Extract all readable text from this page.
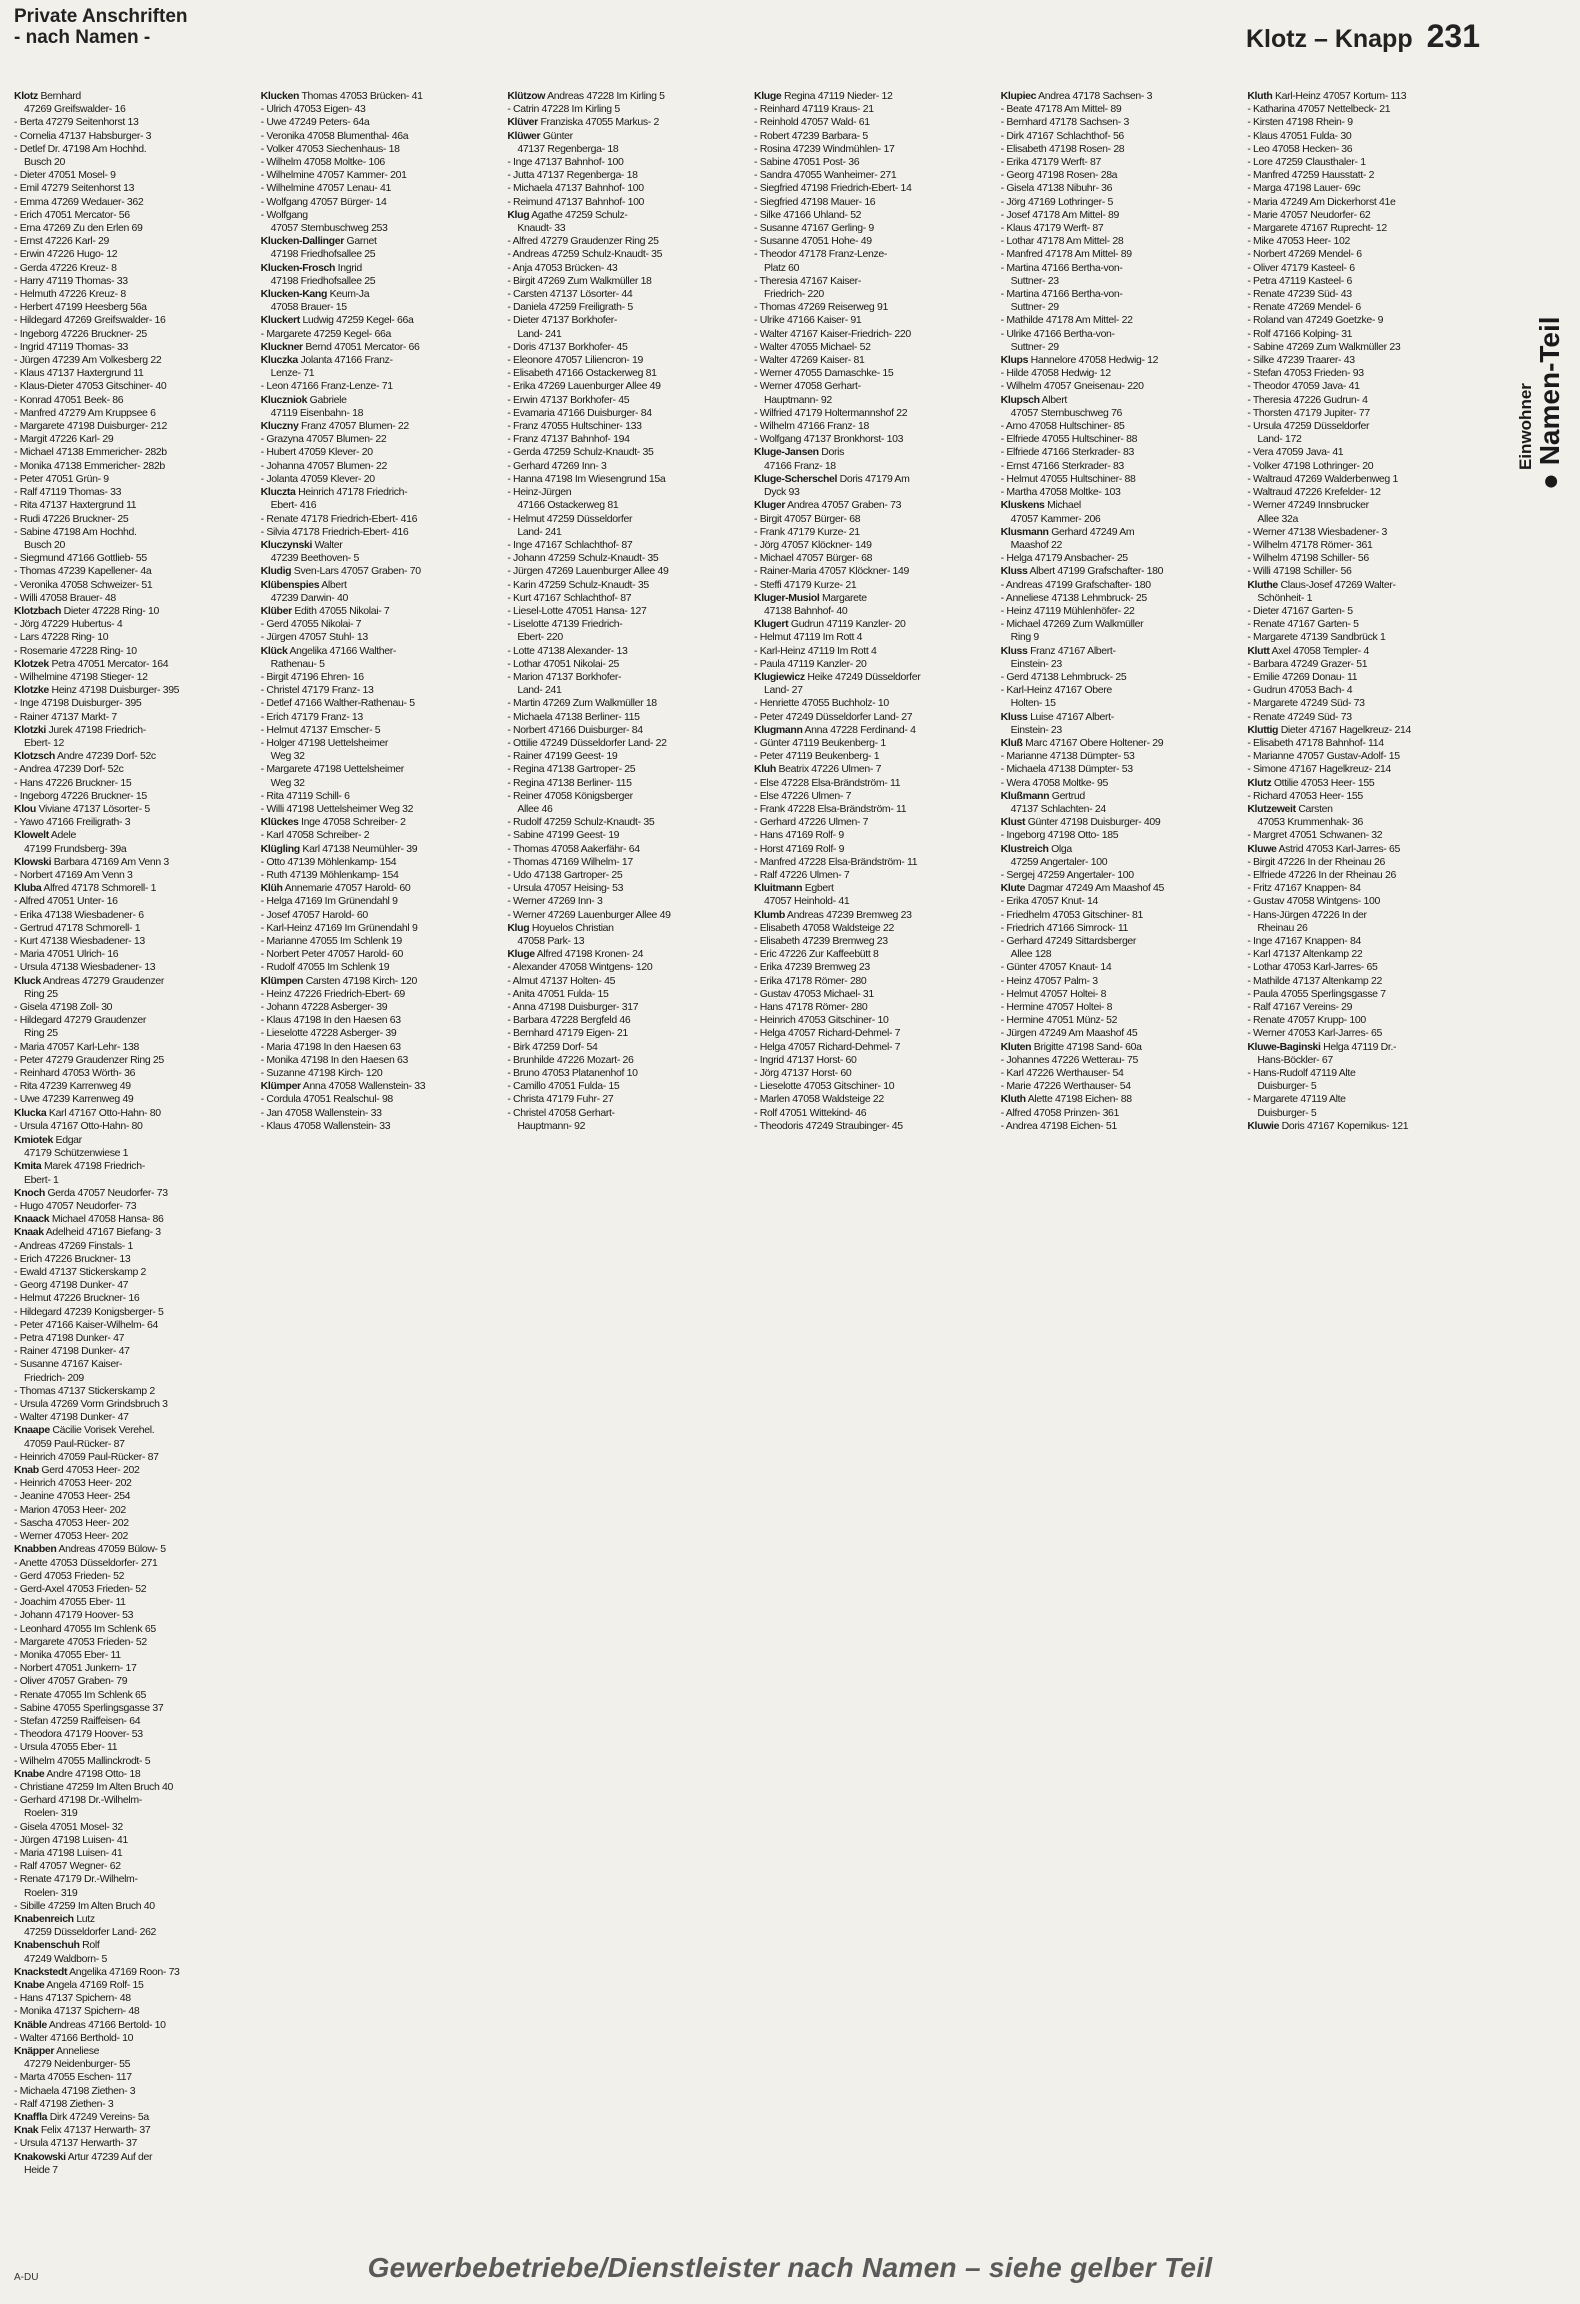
Private Anschriften
- nach Namen -	Klotz – Knapp 231
Einwohner
● Namen-Teil
Klotz Bernhard
47269 Greifswalder- 16
- Berta 47279 Seitenhorst 13
- Cornelia 47137 Habsburger- 3
- Detlef Dr. 47198 Am Hochhd.
Busch 20
- Dieter 47051 Mosel- 9
- Emil 47279 Seitenhorst 13
- Emma 47269 Wedauer- 362
- Erich 47051 Mercator- 56
- Erna 47269 Zu den Erlen 69
- Ernst 47226 Karl- 29
- Erwin 47226 Hugo- 12
- Gerda 47226 Kreuz- 8
- Harry 47119 Thomas- 33
- Helmuth 47226 Kreuz- 8
- Herbert 47199 Heesberg 56a
- Hildegard 47269 Greifswalder- 16
- Ingeborg 47226 Bruckner- 25
- Ingrid 47119 Thomas- 33
- Jürgen 47239 Am Volkesberg 22
- Klaus 47137 Haxtergrund 11
- Klaus-Dieter 47053 Gitschiner- 40
- Konrad 47051 Beek- 86
- Manfred 47279 Am Kruppsee 6
- Margarete 47198 Duisburger- 212
- Margit 47226 Karl- 29
- Michael 47138 Emmericher- 282b
- Monika 47138 Emmericher- 282b
- Peter 47051 Grün- 9
- Ralf 47119 Thomas- 33
- Rita 47137 Haxtergrund 11
- Rudi 47226 Bruckner- 25
- Sabine 47198 Am Hochhd.
Busch 20
- Siegmund 47166 Gottlieb- 55
- Thomas 47239 Kapellener- 4a
- Veronika 47058 Schweizer- 51
- Willi 47058 Brauer- 48
Klotzbach Dieter 47228 Ring- 10
- Jörg 47229 Hubertus- 4
- Lars 47228 Ring- 10
- Rosemarie 47228 Ring- 10
Klotzek Petra 47051 Mercator- 164
- Wilhelmine 47198 Stieger- 12
Klotzke Heinz 47198 Duisburger- 395
- Inge 47198 Duisburger- 395
- Rainer 47137 Markt- 7
Klotzki Jurek 47198 Friedrich-
Ebert- 12
Klotzsch Andre 47239 Dorf- 52c
- Andrea 47239 Dorf- 52c
- Hans 47226 Bruckner- 15
- Ingeborg 47226 Bruckner- 15
Klou Viviane 47137 Lösorter- 5
- Yawo 47166 Freiligrath- 3
Klowelt Adele
47199 Frundsberg- 39a
Klowski Barbara 47169 Am Venn 3
- Norbert 47169 Am Venn 3
Kluba Alfred 47178 Schmorell- 1
- Alfred 47051 Unter- 16
- Erika 47138 Wiesbadener- 6
- Gertrud 47178 Schmorell- 1
- Kurt 47138 Wiesbadener- 13
- Maria 47051 Ulrich- 16
- Ursula 47138 Wiesbadener- 13
Kluck Andreas 47279 Graudenzer
Ring 25
- Gisela 47198 Zoll- 30
- Hildegard 47279 Graudenzer
Ring 25
- Maria 47057 Karl-Lehr- 138
- Peter 47279 Graudenzer Ring 25
- Reinhard 47053 Wörth- 36
- Rita 47239 Karrenweg 49
- Uwe 47239 Karrenweg 49
Klucka Karl 47167 Otto-Hahn- 80
- Ursula 47167 Otto-Hahn- 80
Klucken Thomas 47053 Brücken- 41
- Ulrich 47053 Eigen- 43
- Uwe 47249 Peters- 64a
- Veronika 47058 Blumenthal- 46a
- Volker 47053 Siechenhaus- 18
- Wilhelm 47058 Moltke- 106
- Wilhelmine 47057 Kammer- 201
- Wilhelmine 47057 Lenau- 41
- Wolfgang 47057 Bürger- 14
- Wolfgang
47057 Sternbuschweg 253
Klucken-Dallinger Garnet
47198 Friedhofsallee 25
Klucken-Frosch Ingrid
47198 Friedhofsallee 25
Klucken-Kang Keum-Ja
47058 Brauer- 15
Kluckert Ludwig 47259 Kegel- 66a
- Margarete 47259 Kegel- 66a
Kluckner Bernd 47051 Mercator- 66
Kluczka Jolanta 47166 Franz-
Lenze- 71
- Leon 47166 Franz-Lenze- 71
Kluczniok Gabriele
47119 Eisenbahn- 18
Kluczny Franz 47057 Blumen- 22
- Grazyna 47057 Blumen- 22
- Hubert 47059 Klever- 20
- Johanna 47057 Blumen- 22
- Jolanta 47059 Klever- 20
Kluczta Heinrich 47178 Friedrich-
Ebert- 416
- Renate 47178 Friedrich-Ebert- 416
- Silvia 47178 Friedrich-Ebert- 416
Kluczynski Walter
47239 Beethoven- 5
Kludig Sven-Lars 47057 Graben- 70
Klübenspies Albert
47239 Darwin- 40
Klüber Edith 47055 Nikolai- 7
- Gerd 47055 Nikolai- 7
- Jürgen 47057 Stuhl- 13
Klück Angelika 47166 Walther-
Rathenau- 5
- Birgit 47196 Ehren- 16
- Christel 47179 Franz- 13
- Detlef 47166 Walther-Rathenau- 5
- Erich 47179 Franz- 13
- Helmut 47137 Emscher- 5
- Holger 47198 Uettelsheimer
Weg 32
- Margarete 47198 Uettelsheimer
Weg 32
- Rita 47119 Schill- 6
- Willi 47198 Uettelsheimer Weg 32
Klückes Inge 47058 Schreiber- 2
- Karl 47058 Schreiber- 2
Klügling Karl 47138 Neumühler- 39
- Otto 47139 Möhlenkamp- 154
- Ruth 47139 Möhlenkamp- 154
Klüh Annemarie 47057 Harold- 60
- Helga 47169 Im Grünendahl 9
- Josef 47057 Harold- 60
- Karl-Heinz 47169 Im Grünendahl 9
- Marianne 47055 Im Schlenk 19
- Norbert Peter 47057 Harold- 60
- Rudolf 47055 Im Schlenk 19
Klümpen Carsten 47198 Kirch- 120
- Heinz 47226 Friedrich-Ebert- 69
- Johann 47228 Asberger- 39
- Klaus 47198 In den Haesen 63
- Lieselotte 47228 Asberger- 39
- Maria 47198 In den Haesen 63
- Monika 47198 In den Haesen 63
- Suzanne 47198 Kirch- 120
Klümper Anna 47058 Wallenstein- 33
- Cordula 47051 Realschul- 98
- Jan 47058 Wallenstein- 33
- Klaus 47058 Wallenstein- 33
Klützow Andreas 47228 Im Kirling 5
- Catrin 47228 Im Kirling 5
Klüver Franziska 47055 Markus- 2
Klüwer Günter
47137 Regenberga- 18
- Inge 47137 Bahnhof- 100
- Jutta 47137 Regenberga- 18
- Michaela 47137 Bahnhof- 100
- Reimund 47137 Bahnhof- 100
Klug Agathe 47259 Schulz-
Knaudt- 33
- Alfred 47279 Graudenzer Ring 25
- Andreas 47259 Schulz-Knaudt- 35
- Anja 47053 Brücken- 43
- Birgit 47269 Zum Walkmüller 18
- Carsten 47137 Lösorter- 44
- Daniela 47259 Freiligrath- 5
- Dieter 47137 Borkhofer-
Land- 241
- Doris 47137 Borkhofer- 45
- Eleonore 47057 Liliencron- 19
- Elisabeth 47166 Ostackerweg 81
- Erika 47269 Lauenburger Allee 49
- Erwin 47137 Borkhofer- 45
- Evamaria 47166 Duisburger- 84
- Franz 47055 Hultschiner- 133
- Franz 47137 Bahnhof- 194
- Gerda 47259 Schulz-Knaudt- 35
- Gerhard 47269 Inn- 3
- Hanna 47198 Im Wiesengrund 15a
- Heinz-Jürgen
47166 Ostackerweg 81
- Helmut 47259 Düsseldorfer
Land- 241
- Inge 47167 Schlachthof- 87
- Johann 47259 Schulz-Knaudt- 35
- Jürgen 47269 Lauenburger Allee 49
- Karin 47259 Schulz-Knaudt- 35
- Kurt 47167 Schlachthof- 87
- Liesel-Lotte 47051 Hansa- 127
- Liselotte 47139 Friedrich-
Ebert- 220
- Lotte 47138 Alexander- 13
- Lothar 47051 Nikolai- 25
- Marion 47137 Borkhofer-
Land- 241
- Martin 47269 Zum Walkmüller 18
- Michaela 47138 Berliner- 115
- Norbert 47166 Duisburger- 84
- Ottilie 47249 Düsseldorfer Land- 22
- Rainer 47199 Geest- 19
- Regina 47138 Gartroper- 25
- Regina 47138 Berliner- 115
- Reiner 47058 Königsberger
Allee 46
- Rudolf 47259 Schulz-Knaudt- 35
- Sabine 47199 Geest- 19
- Thomas 47058 Aakerfähr- 64
- Thomas 47169 Wilhelm- 17
- Udo 47138 Gartroper- 25
- Ursula 47057 Heising- 53
- Werner 47269 Inn- 3
- Werner 47269 Lauenburger Allee 49
Klug Hoyuelos Christian
47058 Park- 13
Kluge Alfred 47198 Kronen- 24
- Alexander 47058 Wintgens- 120
- Almut 47137 Holten- 45
- Anita 47051 Fulda- 15
- Anna 47198 Duisburger- 317
- Barbara 47228 Bergfeld 46
- Bernhard 47179 Eigen- 21
- Birk 47259 Dorf- 54
- Brunhilde 47226 Mozart- 26
- Bruno 47053 Platanenhof 10
- Camillo 47051 Fulda- 15
- Christa 47179 Fuhr- 27
- Christel 47058 Gerhart-
Hauptmann- 92
Kluge Regina 47119 Nieder- 12
- Reinhard 47119 Kraus- 21
- Reinhold 47057 Wald- 61
- Robert 47239 Barbara- 5
- Rosina 47239 Windmühlen- 17
- Sabine 47051 Post- 36
- Sandra 47055 Wanheimer- 271
- Siegfried 47198 Friedrich-Ebert- 14
- Siegfried 47198 Mauer- 16
- Silke 47166 Uhland- 52
- Susanne 47167 Gerling- 9
- Susanne 47051 Hohe- 49
- Theodor 47178 Franz-Lenze-
Platz 60
- Theresia 47167 Kaiser-
Friedrich- 220
- Thomas 47269 Reiserweg 91
- Ulrike 47166 Kaiser- 91
- Walter 47167 Kaiser-Friedrich- 220
- Walter 47055 Michael- 52
- Walter 47269 Kaiser- 81
- Werner 47055 Damaschke- 15
- Werner 47058 Gerhart-
Hauptmann- 92
- Wilfried 47179 Holtermannshof 22
- Wilhelm 47166 Franz- 18
- Wolfgang 47137 Bronkhorst- 103
Kluge-Jansen Doris
47166 Franz- 18
Kluge-Scherschel Doris 47179 Am
Dyck 93
Kluger Andrea 47057 Graben- 73
- Birgit 47057 Bürger- 68
- Frank 47179 Kurze- 21
- Jörg 47057 Klöckner- 149
- Michael 47057 Bürger- 68
- Rainer-Maria 47057 Klöckner- 149
- Steffi 47179 Kurze- 21
Kluger-Musiol Margarete
47138 Bahnhof- 40
Klugert Gudrun 47119 Kanzler- 20
- Helmut 47119 Im Rott 4
- Karl-Heinz 47119 Im Rott 4
- Paula 47119 Kanzler- 20
Klugiewicz Heike 47249 Düsseldorfer
Land- 27
- Henriette 47055 Buchholz- 10
- Peter 47249 Düsseldorfer Land- 27
Klugmann Anna 47228 Ferdinand- 4
- Günter 47119 Beukenberg- 1
- Peter 47119 Beukenberg- 1
Kluh Beatrix 47226 Ulmen- 7
- Else 47228 Elsa-Brändström- 11
- Else 47226 Ulmen- 7
- Frank 47228 Elsa-Brändström- 11
- Gerhard 47226 Ulmen- 7
- Hans 47169 Rolf- 9
- Horst 47169 Rolf- 9
- Manfred 47228 Elsa-Brändström- 11
- Ralf 47226 Ulmen- 7
Kluitmann Egbert
47057 Heinhold- 41
Klumb Andreas 47239 Bremweg 23
- Elisabeth 47058 Waldsteige 22
- Elisabeth 47239 Bremweg 23
- Eric 47226 Zur Kaffeebütt 8
- Erika 47239 Bremweg 23
- Erika 47178 Römer- 280
- Gustav 47053 Michael- 31
- Hans 47178 Römer- 280
- Heinrich 47053 Gitschiner- 10
- Helga 47057 Richard-Dehmel- 7
- Helga 47057 Richard-Dehmel- 7
- Ingrid 47137 Horst- 60
- Jörg 47137 Horst- 60
- Lieselotte 47053 Gitschiner- 10
- Marlen 47058 Waldsteige 22
- Rolf 47051 Wittekind- 46
- Theodoris 47249 Straubinger- 45
Klupiec Andrea 47178 Sachsen- 3
- Beate 47178 Am Mittel- 89
- Bernhard 47178 Sachsen- 3
- Dirk 47167 Schlachthof- 56
- Elisabeth 47198 Rosen- 28
- Erika 47179 Werft- 87
- Georg 47198 Rosen- 28a
- Gisela 47138 Nibuhr- 36
- Jörg 47169 Lothringer- 5
- Josef 47178 Am Mittel- 89
- Klaus 47179 Werft- 87
- Lothar 47178 Am Mittel- 28
- Manfred 47178 Am Mittel- 89
- Martina 47166 Bertha-von-
Suttner- 23
- Martina 47166 Bertha-von-
Suttner- 29
- Mathilde 47178 Am Mittel- 22
- Ulrike 47166 Bertha-von-
Suttner- 29
Klups Hannelore 47058 Hedwig- 12
- Hilde 47058 Hedwig- 12
- Wilhelm 47057 Gneisenau- 220
Klupsch Albert
47057 Sternbuschweg 76
- Arno 47058 Hultschiner- 85
- Elfriede 47055 Hultschiner- 88
- Elfriede 47166 Sterkrader- 83
- Ernst 47166 Sterkrader- 83
- Helmut 47055 Hultschiner- 88
- Martha 47058 Moltke- 103
Kluskens Michael
47057 Kammer- 206
Klusmann Gerhard 47249 Am
Maashof 22
- Helga 47179 Ansbacher- 25
Kluss Albert 47199 Grafschafter- 180
- Andreas 47199 Grafschafter- 180
- Anneliese 47138 Lehmbruck- 25
- Heinz 47119 Mühlenhöfer- 22
- Michael 47269 Zum Walkmüller
Ring 9
Kluss Franz 47167 Albert-
Einstein- 23
- Gerd 47138 Lehmbruck- 25
- Karl-Heinz 47167 Obere
Holten- 15
Kluss Luise 47167 Albert-
Einstein- 23
Kluß Marc 47167 Obere Holtener- 29
- Marianne 47138 Dümpter- 53
- Michaela 47138 Dümpter- 53
- Wera 47058 Moltke- 95
Klußmann Gertrud
47137 Schlachten- 24
Klust Günter 47198 Duisburger- 409
- Ingeborg 47198 Otto- 185
Klustreich Olga
47259 Angertaler- 100
- Sergej 47259 Angertaler- 100
Klute Dagmar 47249 Am Maashof 45
- Erika 47057 Knut- 14
- Friedhelm 47053 Gitschiner- 81
- Friedrich 47166 Simrock- 11
- Gerhard 47249 Sittardsberger
Allee 128
- Günter 47057 Knaut- 14
- Heinz 47057 Palm- 3
- Helmut 47057 Holtei- 8
- Hermine 47057 Holtei- 8
- Hermine 47051 Münz- 52
- Jürgen 47249 Am Maashof 45
Kluten Brigitte 47198 Sand- 60a
- Johannes 47226 Wetterau- 75
- Karl 47226 Werthauser- 54
- Marie 47226 Werthauser- 54
Kluth Alette 47198 Eichen- 88
- Alfred 47058 Prinzen- 361
- Andrea 47198 Eichen- 51
Kluth Karl-Heinz 47057 Kortum- 113
- Katharina 47057 Nettelbeck- 21
- Kirsten 47198 Rhein- 9
- Klaus 47051 Fulda- 30
- Leo 47058 Hecken- 36
- Lore 47259 Clausthaler- 1
- Manfred 47259 Hausstatt- 2
- Marga 47198 Lauer- 69c
- Maria 47249 Am Dickerhorst 41e
- Marie 47057 Neudorfer- 62
- Margarete 47167 Ruprecht- 12
- Mike 47053 Heer- 102
- Norbert 47269 Mendel- 6
- Oliver 47179 Kasteel- 6
- Petra 47119 Kasteel- 6
- Renate 47239 Süd- 43
- Renate 47269 Mendel- 6
- Roland van 47249 Goetzke- 9
- Rolf 47166 Kolping- 31
- Sabine 47269 Zum Walkmüller 23
- Silke 47239 Traarer- 43
- Stefan 47053 Frieden- 93
- Theodor 47059 Java- 41
- Theresia 47226 Gudrun- 4
- Thorsten 47179 Jupiter- 77
- Ursula 47259 Düsseldorfer
Land- 172
- Vera 47059 Java- 41
- Volker 47198 Lothringer- 20
- Waltraud 47269 Walderbenweg 1
- Waltraud 47226 Krefelder- 12
- Werner 47249 Innsbrucker
Allee 32a
- Werner 47138 Wiesbadener- 3
- Wilhelm 47178 Römer- 361
- Wilhelm 47198 Schiller- 56
- Willi 47198 Schiller- 56
Kluthe Claus-Josef 47269 Walter-
Schönheit- 1
- Dieter 47167 Garten- 5
- Renate 47167 Garten- 5
- Margarete 47139 Sandbrück 1
Klutt Axel 47058 Templer- 4
- Barbara 47249 Grazer- 51
- Emilie 47269 Donau- 11
- Gudrun 47053 Bach- 4
- Margarete 47249 Süd- 73
- Renate 47249 Süd- 73
Kluttig Dieter 47167 Hagelkreuz- 214
- Elisabeth 47178 Bahnhof- 114
- Marianne 47057 Gustav-Adolf- 15
- Simone 47167 Hagelkreuz- 214
Klutz Ottilie 47053 Heer- 155
- Richard 47053 Heer- 155
Klutzeweit Carsten
47053 Krummenhak- 36
- Margret 47051 Schwanen- 32
Kluwe Astrid 47053 Karl-Jarres- 65
- Birgit 47226 In der Rheinau 26
- Elfriede 47226 In der Rheinau 26
- Fritz 47167 Knappen- 84
- Gustav 47058 Wintgens- 100
- Hans-Jürgen 47226 In der
Rheinau 26
- Inge 47167 Knappen- 84
- Karl 47137 Altenkamp 22
- Lothar 47053 Karl-Jarres- 65
- Mathilde 47137 Altenkamp 22
- Paula 47055 Sperlingsgasse 7
- Ralf 47167 Vereins- 29
- Renate 47057 Krupp- 100
- Werner 47053 Karl-Jarres- 65
Kluwe-Baginski Helga 47119 Dr.-
Hans-Böckler- 67
- Hans-Rudolf 47119 Alte
Duisburger- 5
- Margarete 47119 Alte
Duisburger- 5
Kluwie Doris 47167 Kopernikus- 121
Kmiotek Edgar
47179 Schützenwiese 1
Kmita Marek 47198 Friedrich-
Ebert- 1
Knoch Gerda 47057 Neudorfer- 73
- Hugo 47057 Neudorfer- 73
Knaack Michael 47058 Hansa- 86
Knaak Adelheid 47167 Biefang- 3
- Andreas 47269 Finstals- 1
- Erich 47226 Bruckner- 13
- Ewald 47137 Stickerskamp 2
- Georg 47198 Dunker- 47
- Helmut 47226 Bruckner- 16
- Hildegard 47239 Konigsberger- 5
- Peter 47166 Kaiser-Wilhelm- 64
- Petra 47198 Dunker- 47
- Rainer 47198 Dunker- 47
- Susanne 47167 Kaiser-
Friedrich- 209
- Thomas 47137 Stickerskamp 2
- Ursula 47269 Vorm Grindsbruch 3
- Walter 47198 Dunker- 47
Knaape Cäcilie Vorisek Verehel.
47059 Paul-Rücker- 87
- Heinrich 47059 Paul-Rücker- 87
Knab Gerd 47053 Heer- 202
- Heinrich 47053 Heer- 202
- Jeanine 47053 Heer- 254
- Marion 47053 Heer- 202
- Sascha 47053 Heer- 202
- Werner 47053 Heer- 202
Knabben Andreas 47059 Bülow- 5
- Anette 47053 Düsseldorfer- 271
- Gerd 47053 Frieden- 52
- Gerd-Axel 47053 Frieden- 52
- Joachim 47055 Eber- 11
- Johann 47179 Hoover- 53
- Leonhard 47055 Im Schlenk 65
- Margarete 47053 Frieden- 52
- Monika 47055 Eber- 11
- Norbert 47051 Junkern- 17
- Oliver 47057 Graben- 79
- Renate 47055 Im Schlenk 65
- Sabine 47055 Sperlingsgasse 37
- Stefan 47259 Raiffeisen- 64
- Theodora 47179 Hoover- 53
- Ursula 47055 Eber- 11
- Wilhelm 47055 Mallinckrodt- 5
Knabe Andre 47198 Otto- 18
- Christiane 47259 Im Alten Bruch 40
- Gerhard 47198 Dr.-Wilhelm-
Roelen- 319
- Gisela 47051 Mosel- 32
- Jürgen 47198 Luisen- 41
- Maria 47198 Luisen- 41
- Ralf 47057 Wegner- 62
- Renate 47179 Dr.-Wilhelm-
Roelen- 319
- Sibille 47259 Im Alten Bruch 40
Knabenreich Lutz
47259 Düsseldorfer Land- 262
Knabenschuh Rolf
47249 Waldborn- 5
Knackstedt Angelika 47169 Roon- 73
Knabe Angela 47169 Rolf- 15
- Hans 47137 Spichern- 48
- Monika 47137 Spichern- 48
Knäble Andreas 47166 Bertold- 10
- Walter 47166 Berthold- 10
Knäpper Anneliese
47279 Neidenburger- 55
- Marta 47055 Eschen- 117
- Michaela 47198 Ziethen- 3
- Ralf 47198 Ziethen- 3
Knaffla Dirk 47249 Vereins- 5a
Knak Felix 47137 Herwarth- 37
- Ursula 47137 Herwarth- 37
Knakowski Artur 47239 Auf der
Heide 7
A-DU	Gewerbebetriebe/Dienstleister nach Namen – siehe gelber Teil
